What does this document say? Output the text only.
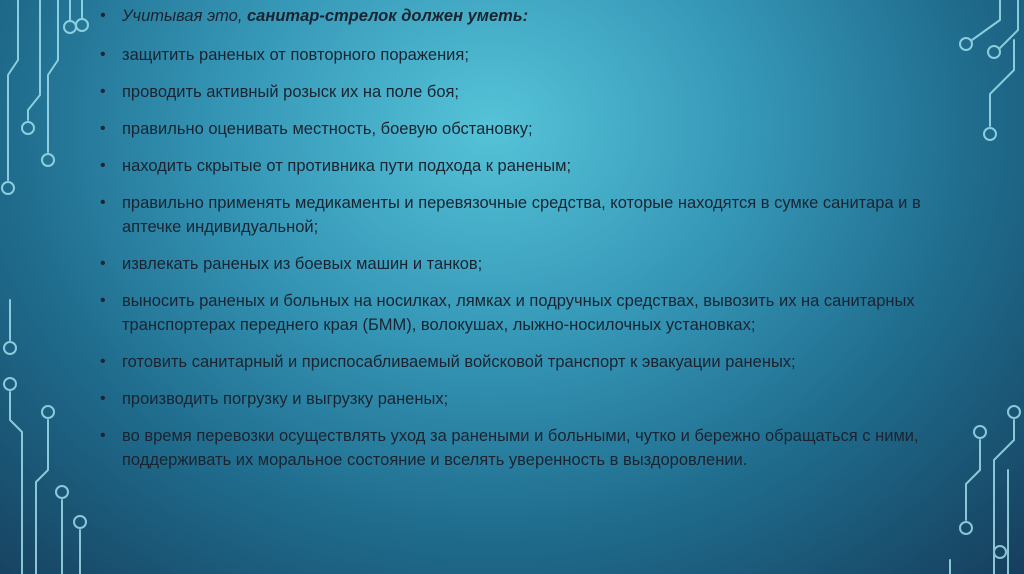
• Учитывая это, санитар-стрелок должен уметь:
• защитить раненых от повторного поражения;
• проводить активный розыск их на поле боя;
• правильно оценивать местность, боевую обстановку;
• находить скрытые от противника пути подхода к раненым;
• правильно применять медикаменты и перевязочные средства, которые находятся в сумке санитара и в аптечке индивидуальной;
• извлекать раненых из боевых машин и танков;
• выносить раненых и больных на носилках, лямках и подручных средствах, вывозить их на санитарных транспортерах переднего края (БММ), волокушах, лыжно-носилочных установках;
• готовить санитарный и приспосабливаемый войсковой транспорт к эвакуации раненых;
• производить погрузку и выгрузку раненых;
• во время перевозки осуществлять уход за ранеными и больными, чутко и бережно обращаться с ними, поддерживать их моральное состояние и вселять уверенность в выздоровлении.
